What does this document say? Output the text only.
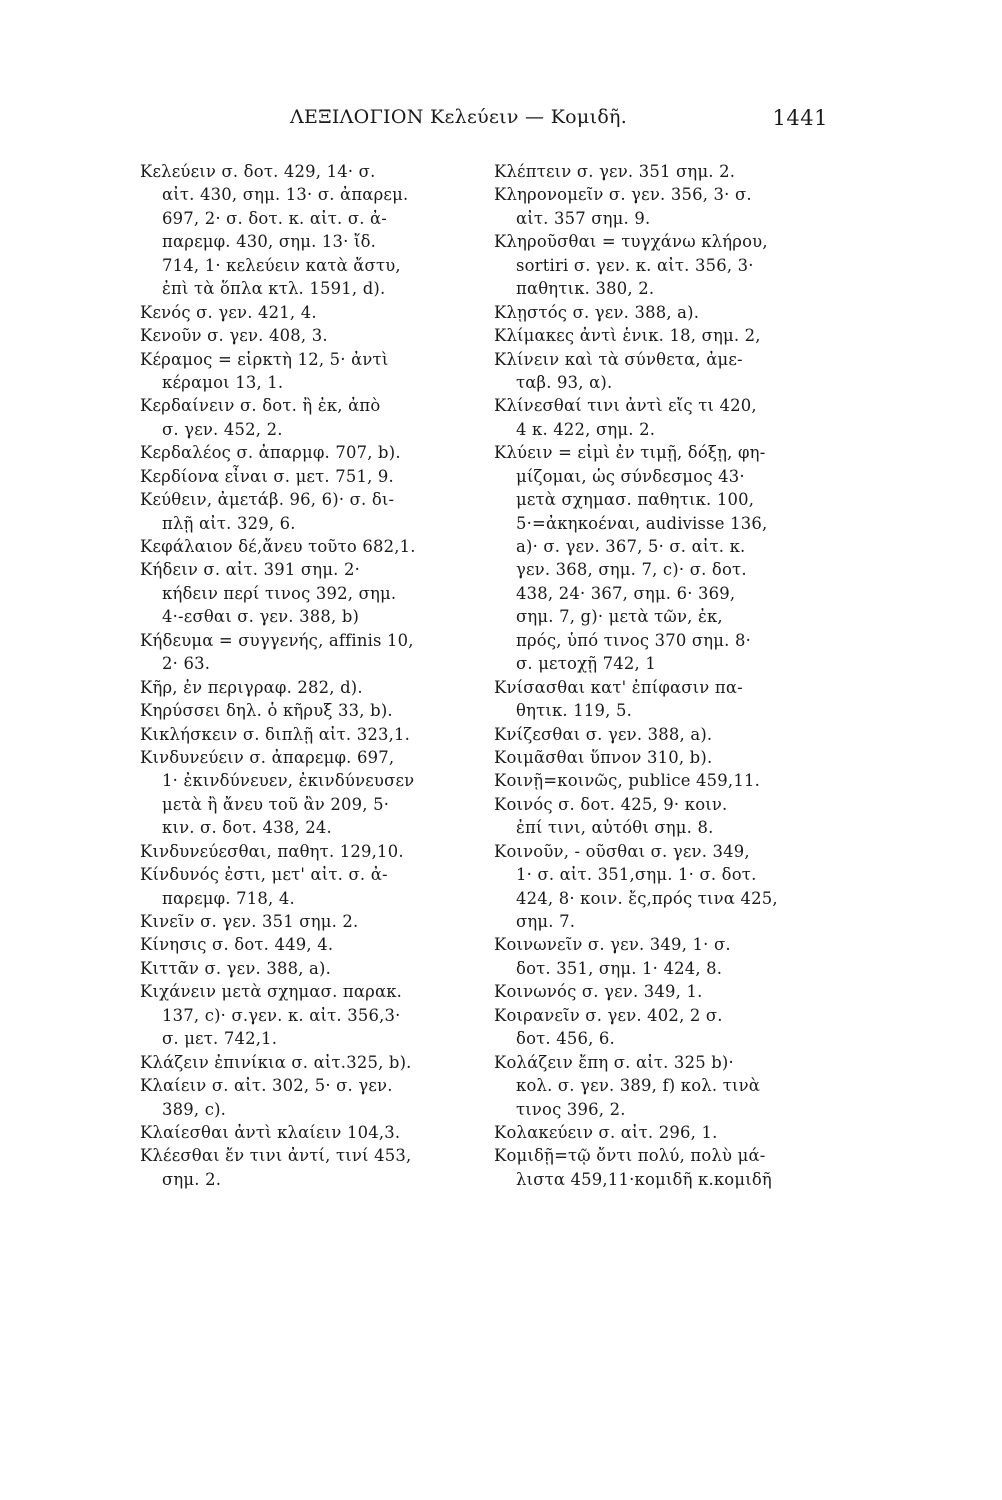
ΛΕΞΙΛΟΓΙΟΝ Κελεύειν — Κομιδῆ.	1441
Κελεύειν σ. δοτ. 429, 14· σ.
αἰτ. 430, σημ. 13· σ. ἀπαρεμ.
697, 2· σ. δοτ. κ. αἰτ. σ. ἀ-
παρεμφ. 430, σημ. 13· ἴδ.
714, 1· κελεύειν κατὰ ἄστυ,
ἐπὶ τὰ ὅπλα κτλ. 1591, d).
Κενός σ. γεν. 421, 4.
Κενοῦν σ. γεν. 408, 3.
Κέραμος = εἱρκτὴ 12, 5· ἀντὶ
κέραμοι 13, 1.
Κερδαίνειν σ. δοτ. ἢ ἐκ, ἀπὸ
σ. γεν. 452, 2.
Κερδαλέος σ. ἀπαρμφ. 707, b).
Κερδίονα εἶναι σ. μετ. 751, 9.
Κεύθειν, ἀμετάβ. 96, 6)· σ. δι-
πλῇ αἰτ. 329, 6.
Κεφάλαιον δέ,ἄνευ τοῦτο 682,1.
Κήδειν σ. αἰτ. 391 σημ. 2·
κήδειν περί τινος 392, σημ.
4·-εσθαι σ. γεν. 388, b)
Κήδευμα = συγγενής, affinis 10,
2· 63.
Κῆρ, ἐν περιγραφ. 282, d).
Κηρύσσει δηλ. ὁ κῆρυξ 33, b).
Κικλήσκειν σ. διπλῇ αἰτ. 323,1.
Κινδυνεύειν σ. ἀπαρεμφ. 697,
1· ἐκινδύνευεν, ἐκινδύνευσεν
μετὰ ἢ ἄνευ τοῦ ἂν 209, 5·
κιν. σ. δοτ. 438, 24.
Κινδυνεύεσθαι, παθητ. 129,10.
Κίνδυνός ἐστι, μετ' αἰτ. σ. ἀ-
παρεμφ. 718, 4.
Κινεῖν σ. γεν. 351 σημ. 2.
Κίνησις σ. δοτ. 449, 4.
Κιττᾶν σ. γεν. 388, a).
Κιχάνειν μετὰ σχημασ. παρακ.
137, c)· σ.γεν. κ. αἰτ. 356,3·
σ. μετ. 742,1.
Κλάζειν ἐπινίκια σ. αἰτ.325, b).
Κλαίειν σ. αἰτ. 302, 5· σ. γεν.
389, c).
Κλαίεσθαι ἀντὶ κλαίειν 104,3.
Κλέεσθαι ἔν τινι ἀντί, τινί 453,
σημ. 2.
Κλέπτειν σ. γεν. 351 σημ. 2.
Κληρονομεῖν σ. γεν. 356, 3· σ.
αἰτ. 357 σημ. 9.
Κληροῦσθαι = τυγχάνω κλήρου,
sortiri σ. γεν. κ. αἰτ. 356, 3·
παθητικ. 380, 2.
Κλῃστός σ. γεν. 388, a).
Κλίμακες ἀντὶ ἑνικ. 18, σημ. 2,
Κλίνειν καὶ τὰ σύνθετα, ἀμε-
ταβ. 93, α).
Κλίνεσθαί τινι ἀντὶ εἴς τι 420,
4 κ. 422, σημ. 2.
Κλύειν = εἰμὶ ἐν τιμῇ, δόξῃ, φη-
μίζομαι, ὡς σύνδεσμος 43·
μετὰ σχημασ. παθητικ. 100,
5·=ἀκηκοέναι, audivisse 136,
a)· σ. γεν. 367, 5· σ. αἰτ. κ.
γεν. 368, σημ. 7, c)· σ. δοτ.
438, 24· 367, σημ. 6· 369,
σημ. 7, g)· μετὰ τῶν, ἐκ,
πρός, ὑπό τινος 370 σημ. 8·
σ. μετοχῇ 742, 1
Κνίσασθαι κατ' ἐπίφασιν πα-
θητικ. 119, 5.
Κνίζεσθαι σ. γεν. 388, a).
Κοιμᾶσθαι ὕπνον 310, b).
Κοινῇ=κοινῶς, publice 459,11.
Κοινός σ. δοτ. 425, 9· κοιν.
ἐπί τινι, αὐτόθι σημ. 8.
Κοινοῦν, - οῦσθαι σ. γεν. 349,
1· σ. αἰτ. 351,σημ. 1· σ. δοτ.
424, 8· κοιν. ἔς,πρός τινα 425,
σημ. 7.
Κοινωνεῖν σ. γεν. 349, 1· σ.
δοτ. 351, σημ. 1· 424, 8.
Κοινωνός σ. γεν. 349, 1.
Κοιρανεῖν σ. γεν. 402, 2 σ.
δοτ. 456, 6.
Κολάζειν ἔπη σ. αἰτ. 325 b)·
κολ. σ. γεν. 389, f) κολ. τινὰ
τινος 396, 2.
Κολακεύειν σ. αἰτ. 296, 1.
Κομιδῇ=τῷ ὄντι πολύ, πολὺ μά-
λιστα 459,11·κομιδῆ κ.κομιδῆ
